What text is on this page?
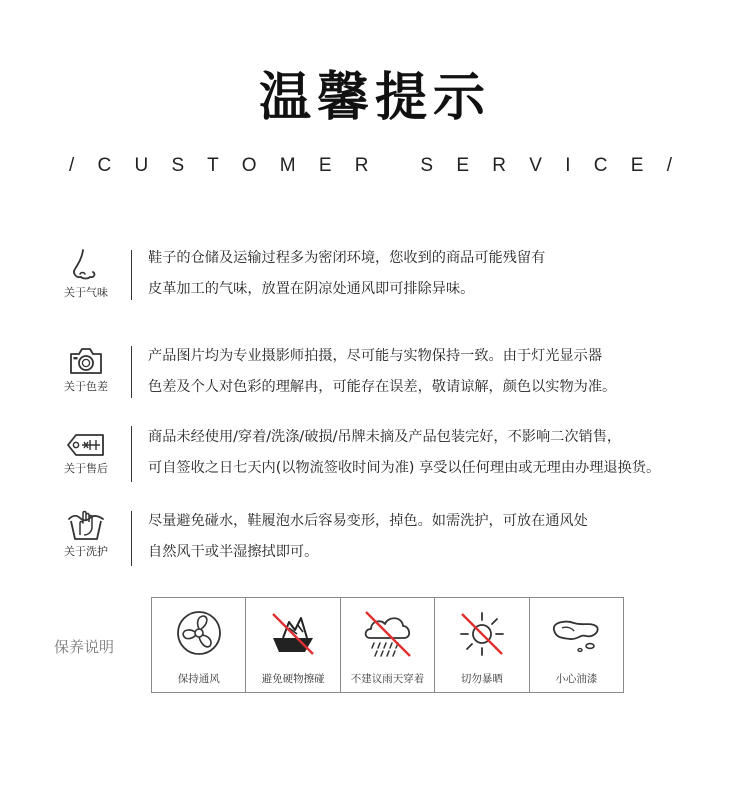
温馨提示
/ C U S T O M E R   S E R V I C E /
关于气味
鞋子的仓储及运输过程多为密闭环境，您收到的商品可能残留有
皮革加工的气味，放置在阴凉处通风即可排除异味。
关于色差
产品图片均为专业摄影师拍摄，尽可能与实物保持一致。由于灯光显示器
色差及个人对色彩的理解冉，可能存在误差，敬请谅解，颜色以实物为准。
关于售后
商品未经使用/穿着/洗涤/破损/吊牌未摘及产品包装完好，不影响二次销售，
可自签收之日七天内(以物流签收时间为准) 享受以任何理由或无理由办理退换货。
关于洗护
尽量避免碰水，鞋履泡水后容易变形，掉色。如需洗护，可放在通风处
自然风干或半湿擦拭即可。
保养说明
保持通风	避免硬物擦碰	不建议雨天穿着	切勿暴晒	小心油漆
